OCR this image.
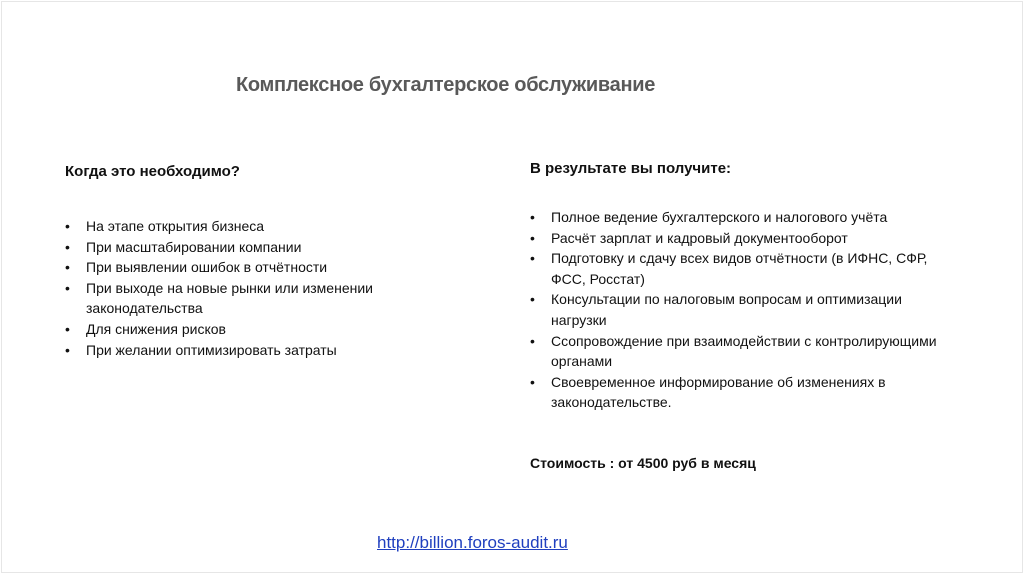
Комплексное бухгалтерское обслуживание

Когда это необходимо?

• На этапе открытия бизнеса
• При масштабировании компании
• При выявлении ошибок в отчётности
• При выходе на новые рынки или изменении законодательства
• Для снижения рисков
• При желании оптимизировать затраты

В результате вы получите:

• Полное ведение бухгалтерского и налогового учёта
• Расчёт зарплат и кадровый документооборот
• Подготовку и сдачу всех видов отчётности (в ИФНС, СФР, ФСС, Росстат)
• Консультации по налоговым вопросам и оптимизации нагрузки
• Ссопровождение при взаимодействии с контролирующими органами
• Своевременное информирование об изменениях в законодательстве.
Стоимость : от 4500 руб в месяц
http://billion.foros-audit.ru
